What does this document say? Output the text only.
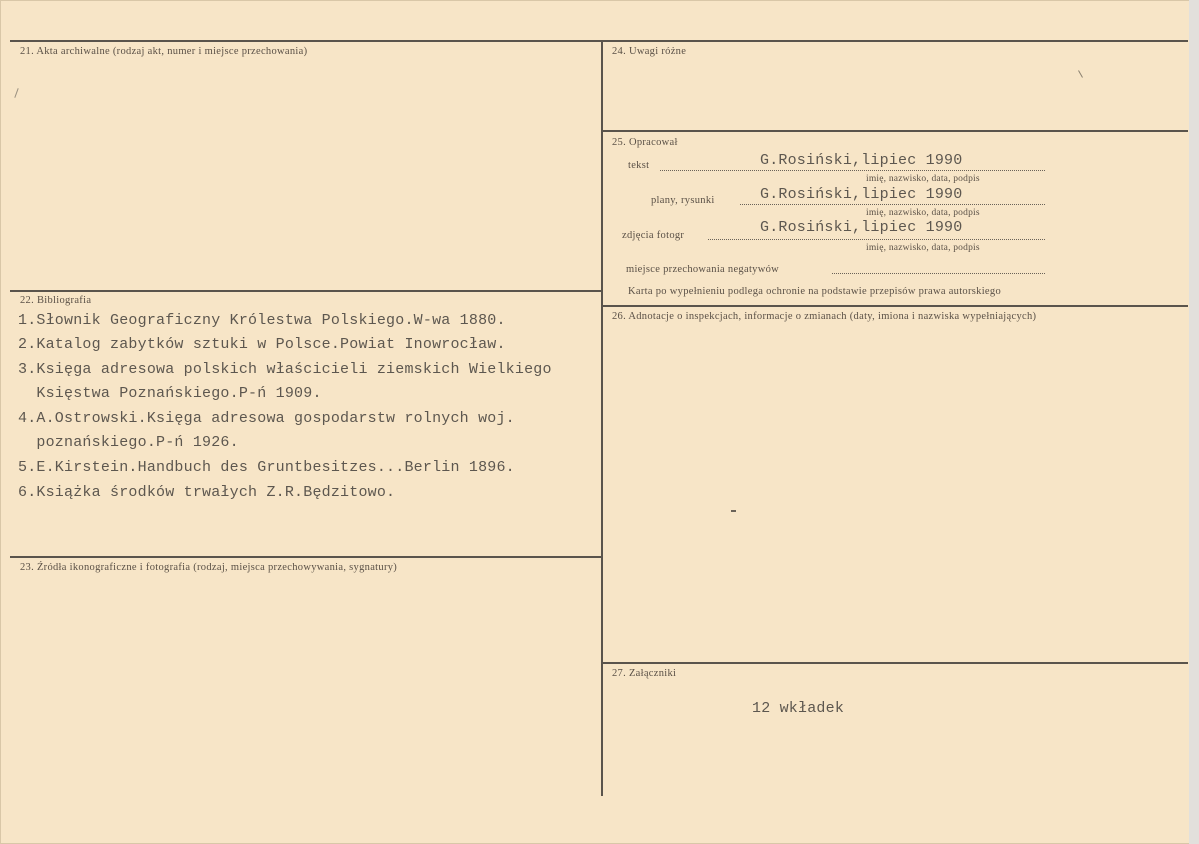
21. Akta archiwalne (rodzaj akt, numer i miejsce przechowania)
22. Bibliografia
1.Słownik Geograficzny Królestwa Polskiego.W-wa 1880.
2.Katalog zabytków sztuki w Polsce.Powiat Inowrocław.
3.Księga adresowa polskich właścicieli ziemskich Wielkiego
Księstwa Poznańskiego.P-ń 1909.
4.A.Ostrowski.Księga adresowa gospodarstw rolnych woj.
poznańskiego.P-ń 1926.
5.E.Kirstein.Handbuch des Gruntbesitzes...Berlin 1896.
6.Książka środków trwałych Z.R.Będzitowo.
23. Źródła ikonograficzne i fotografia (rodzaj, miejsca przechowywania, sygnatury)
24. Uwagi różne
25. Opracował
tekst	G.Rosiński,lipiec 1990
imię, nazwisko, data, podpis
plany, rysunki	G.Rosiński,lipiec 1990
imię, nazwisko, data, podpis
zdjęcia fotogr	G.Rosiński,lipiec 1990
imię, nazwisko, data, podpis
miejsce przechowania negatywów
Karta po wypełnieniu podlega ochronie na podstawie przepisów prawa autorskiego
26. Adnotacje o inspekcjach, informacje o zmianach (daty, imiona i nazwiska wypełniających)
27. Załączniki
12 wkładek
